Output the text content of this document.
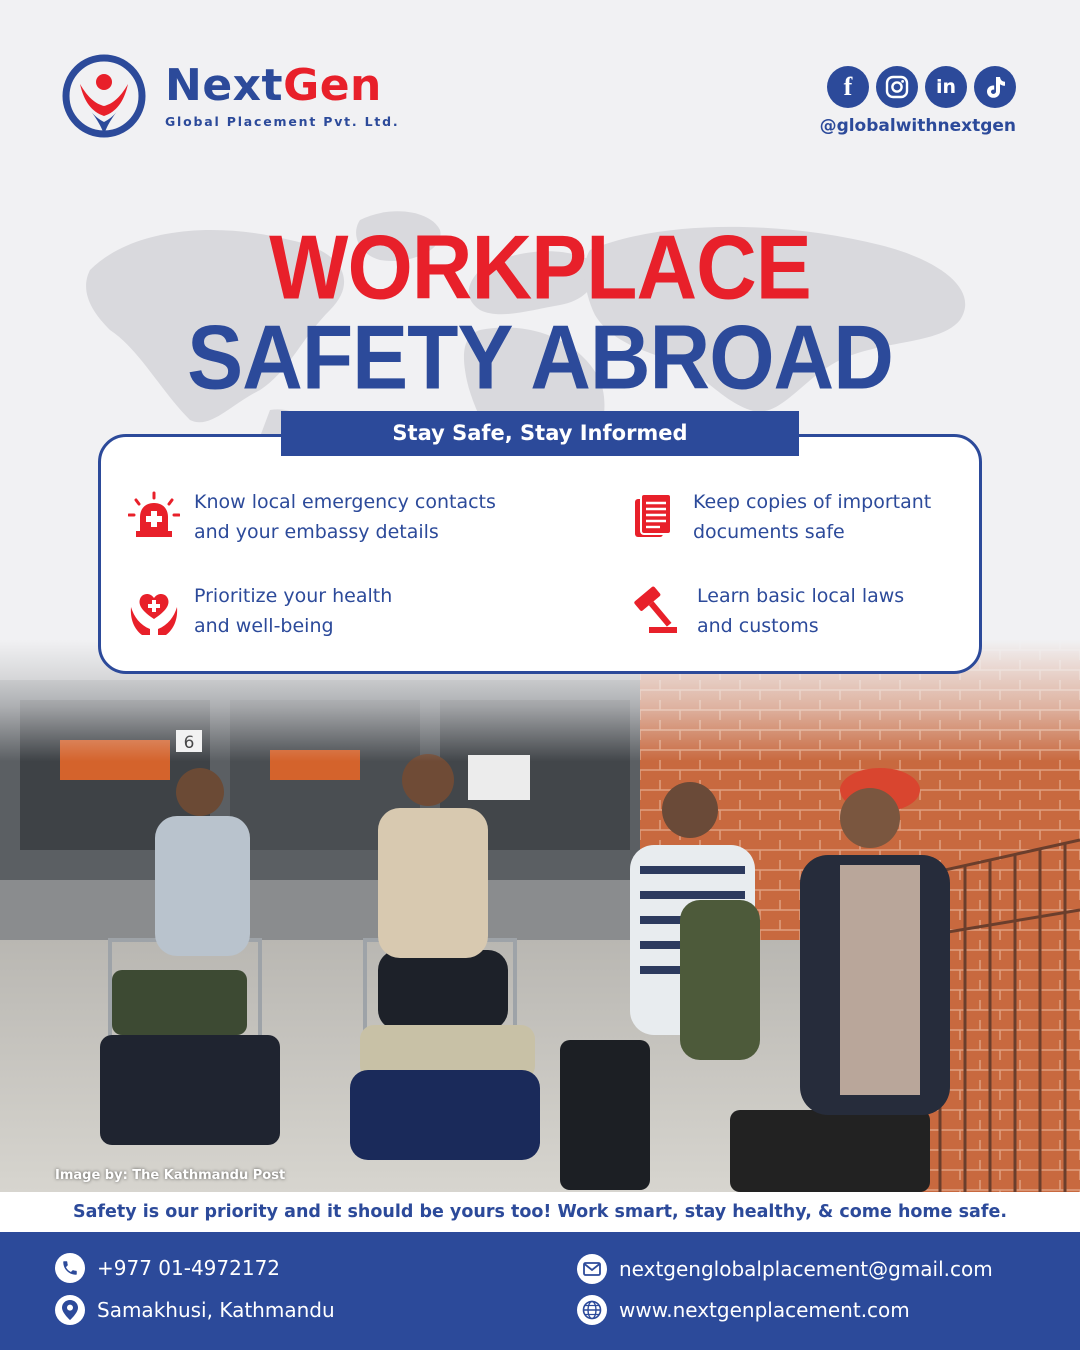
NextGen
Global Placement Pvt. Ltd.
f	in
@globalwithnextgen
WORKPLACE
SAFETY ABROAD
Image by: The Kathmandu Post
Stay Safe, Stay Informed
Know local emergency contacts
and your embassy details
Keep copies of important
documents safe
Prioritize your health
and well-being
Learn basic local laws
and customs
Safety is our priority and it should be yours too! Work smart, stay healthy, & come home safe.
+977 01-4972172
Samakhusi, Kathmandu
nextgenglobalplacement@gmail.com
www.nextgenplacement.com
